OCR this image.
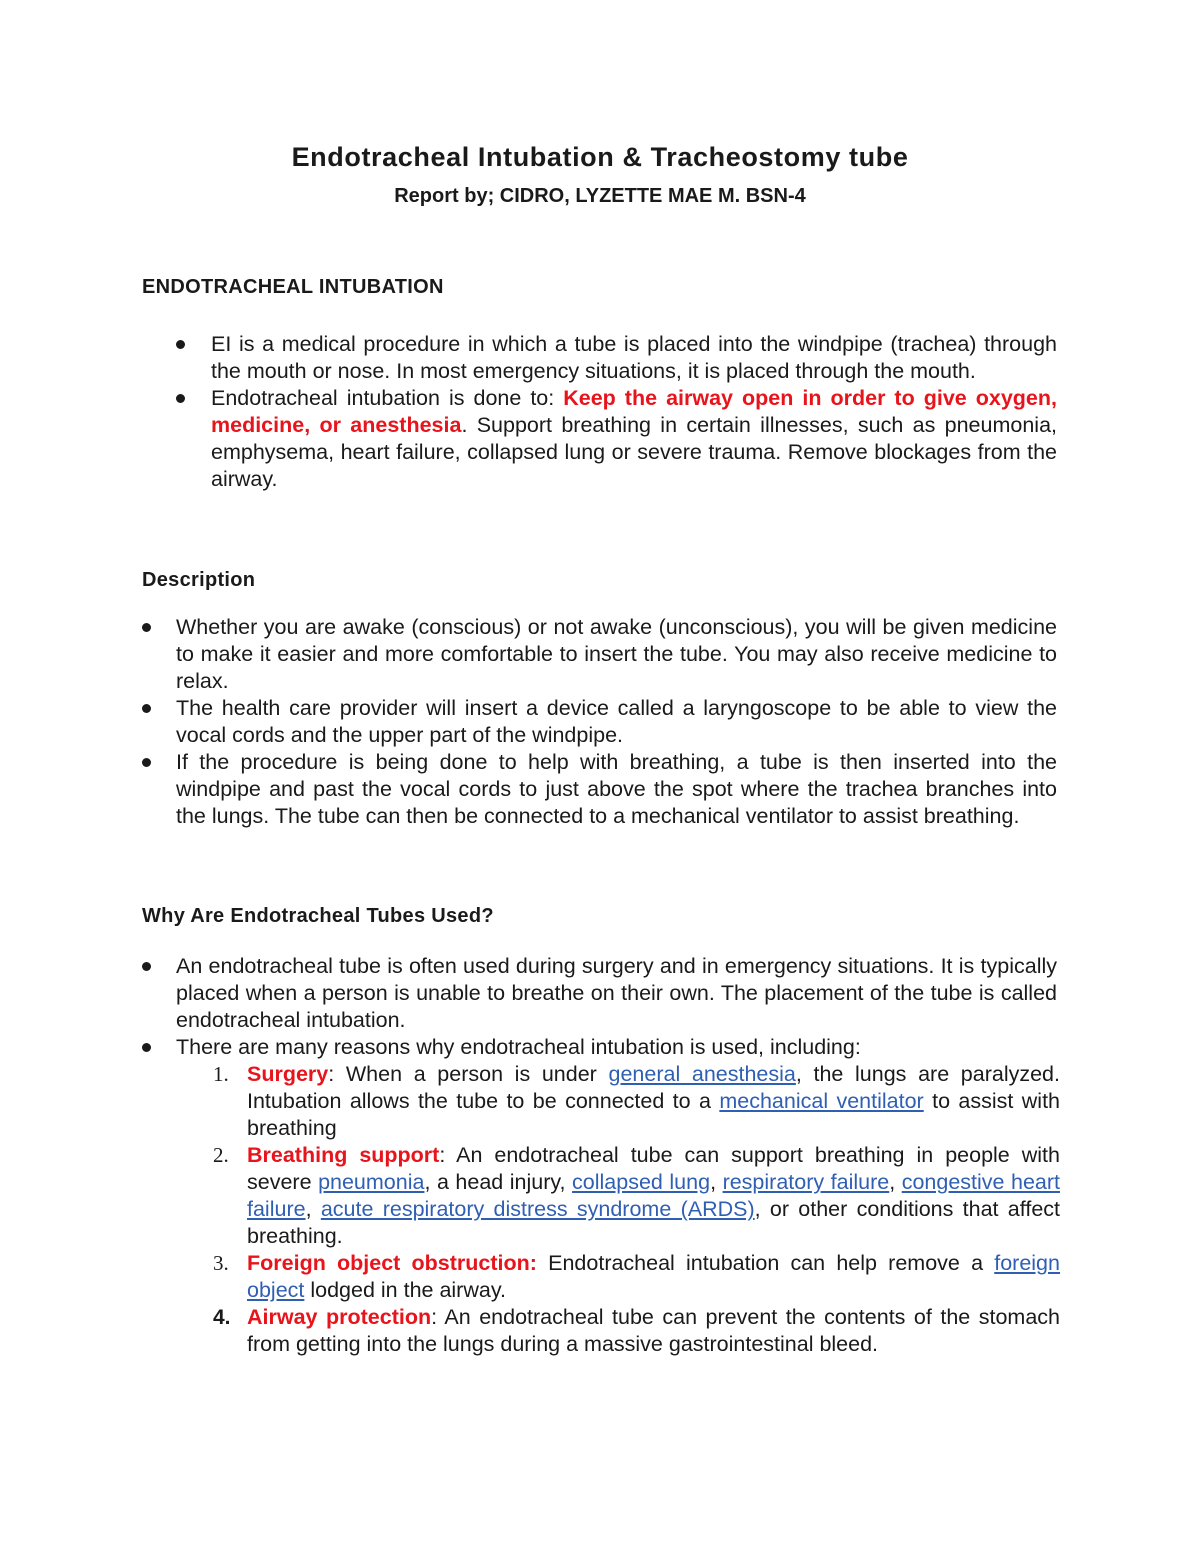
Endotracheal Intubation & Tracheostomy tube

Report by; CIDRO, LYZETTE MAE M. BSN-4

ENDOTRACHEAL INTUBATION

EI is a medical procedure in which a tube is placed into the windpipe (trachea) through the mouth or nose. In most emergency situations, it is placed through the mouth.

Endotracheal intubation is done to: Keep the airway open in order to give oxygen, medicine, or anesthesia. Support breathing in certain illnesses, such as pneumonia, emphysema, heart failure, collapsed lung or severe trauma. Remove blockages from the airway.

Description

Whether you are awake (conscious) or not awake (unconscious), you will be given medicine to make it easier and more comfortable to insert the tube. You may also receive medicine to relax.

The health care provider will insert a device called a laryngoscope to be able to view the vocal cords and the upper part of the windpipe.

If the procedure is being done to help with breathing, a tube is then inserted into the windpipe and past the vocal cords to just above the spot where the trachea branches into the lungs. The tube can then be connected to a mechanical ventilator to assist breathing.

Why Are Endotracheal Tubes Used?

An endotracheal tube is often used during surgery and in emergency situations. It is typically placed when a person is unable to breathe on their own. The placement of the tube is called endotracheal intubation.

There are many reasons why endotracheal intubation is used, including:

1. Surgery: When a person is under general anesthesia, the lungs are paralyzed. Intubation allows the tube to be connected to a mechanical ventilator to assist with breathing

2. Breathing support: An endotracheal tube can support breathing in people with severe pneumonia, a head injury, collapsed lung, respiratory failure, congestive heart failure, acute respiratory distress syndrome (ARDS), or other conditions that affect breathing.

3. Foreign object obstruction: Endotracheal intubation can help remove a foreign object lodged in the airway.

4. Airway protection: An endotracheal tube can prevent the contents of the stomach from getting into the lungs during a massive gastrointestinal bleed.
